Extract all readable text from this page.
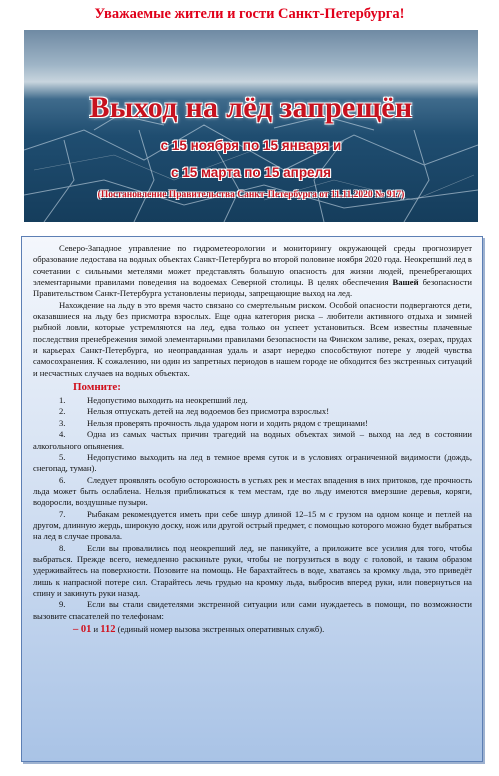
Уважаемые жители и гости Санкт-Петербурга!
Выход на лёд запрещён
с 15 ноября по 15 января и
с 15 марта по 15 апреля
(Постановление Правительства Санкт-Петербурга от 11.11.2020 № 917)

Северо-Западное управление по гидрометеорологии и мониторингу окружающей среды прогнозирует образование ледостава на водных объектах Санкт-Петербурга во второй половине ноября 2020 года. Неокрепший лед в сочетании с сильными метелями может представлять большую опасность для жизни людей, пренебрегающих элементарными правилами поведения на водоемах Северной столицы. В целях обеспечения Вашей безопасности Правительством Санкт-Петербурга установлены периоды, запрещающие выход на лед.

Нахождение на льду в это время часто связано со смертельным риском. Особой опасности подвергаются дети, оказавшиеся на льду без присмотра взрослых. Еще одна категория риска – любители активного отдыха и зимней рыбной ловли, которые устремляются на лед, едва только он успеет установиться. Всем известны плачевные последствия пренебрежения зимой элементарными правилами безопасности на Финском заливе, реках, озерах, прудах и карьерах Санкт-Петербурга, но неоправданная удаль и азарт нередко способствуют потере у людей чувства самосохранения. К сожалению, ни один из запретных периодов в нашем городе не обходится без экстренных ситуаций и несчастных случаев на водных объектах.

Помните:

1.	Недопустимо выходить на неокрепший лед.

2.	Нельзя отпускать детей на лед водоемов без присмотра взрослых!

3.	Нельзя проверять прочность льда ударом ноги и ходить рядом с трещинами!

4.	Одна из самых частых причин трагедий на водных объектах зимой – выход на лед в состоянии алкогольного опьянения.

5.	Недопустимо выходить на лед в темное время суток и в условиях ограниченной видимости (дождь, снегопад, туман).

6.	Следует проявлять особую осторожность в устьях рек и местах впадения в них притоков, где прочность льда может быть ослаблена. Нельзя приближаться к тем местам, где во льду имеются вмерзшие деревья, коряги, водоросли, воздушные пузыри.

7.	Рыбакам рекомендуется иметь при себе шнур длиной 12–15 м с грузом на одном конце и петлей на другом, длинную жердь, широкую доску, нож или другой острый предмет, с помощью которого можно будет выбраться на лед в случае провала.

8.	Если вы провалились под неокрепший лед, не паникуйте, а приложите все усилия для того, чтобы выбраться. Прежде всего, немедленно раскиньте руки, чтобы не погрузиться в воду с головой, и таким образом удерживайтесь на поверхности. Позовите на помощь. Не барахтайтесь в воде, хватаясь за кромку льда, это приведёт лишь к напрасной потере сил. Старайтесь лечь грудью на кромку льда, выбросив вперед руки, или повернуться на спину и закинуть руки назад.

9.	Если вы стали свидетелями экстренной ситуации или сами нуждаетесь в помощи, по возможности вызовите спасателей по телефонам:

– 01 и 112 (единый номер вызова экстренных оперативных служб).
